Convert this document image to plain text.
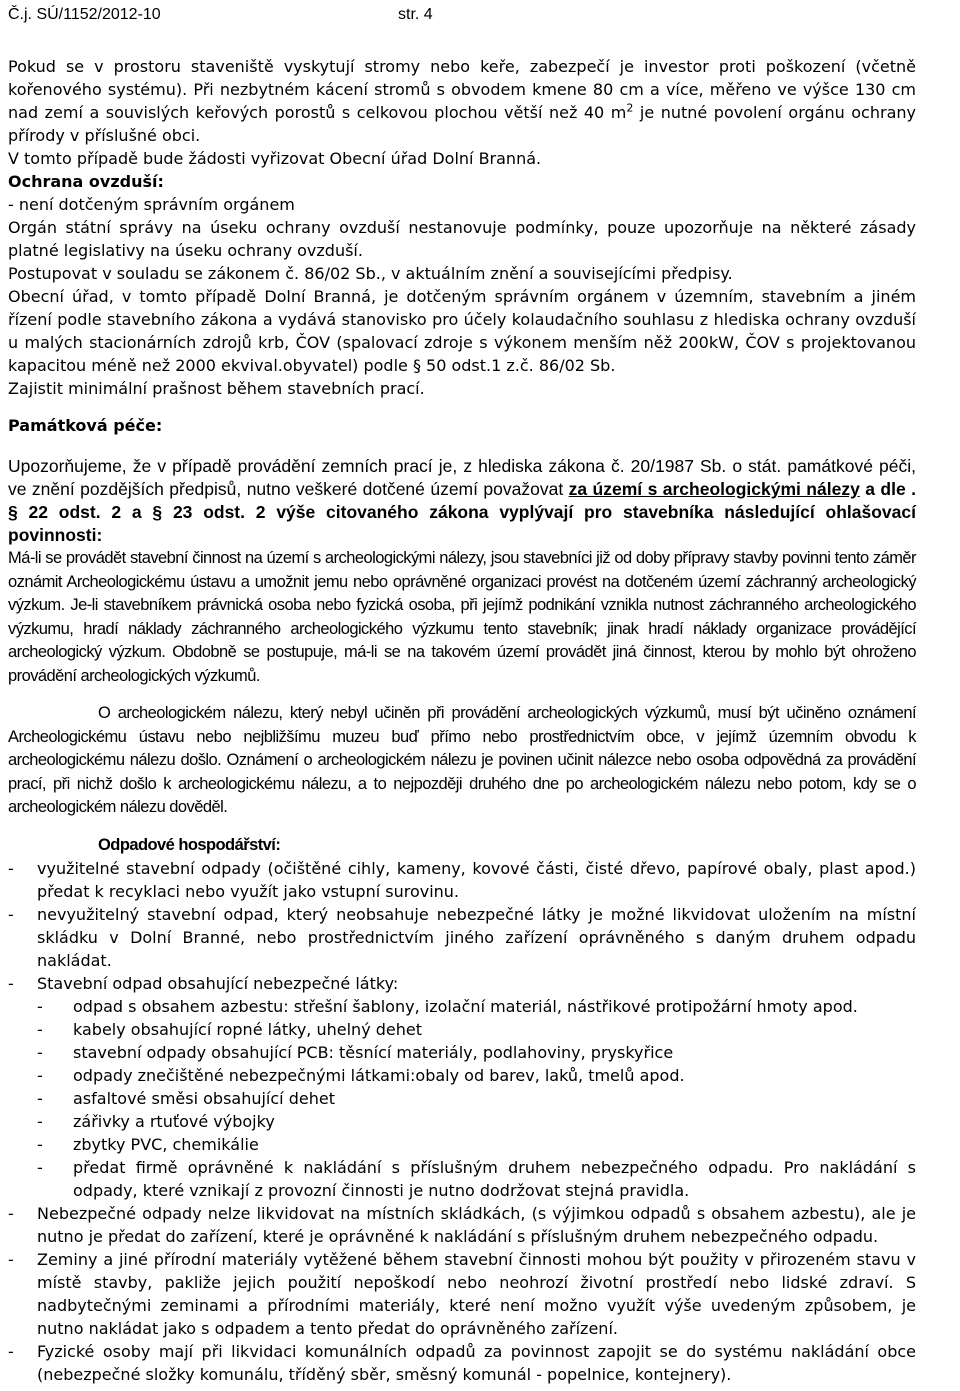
Č.j. SÚ/1152/2012-10	str. 4

Pokud se v prostoru staveniště vyskytují stromy nebo keře, zabezpečí je investor proti poškození (včetně kořenového systému). Při nezbytném kácení stromů s obvodem kmene 80 cm a více, měřeno ve výšce 130 cm nad zemí a souvislých keřových porostů s celkovou plochou větší než 40 $m^2$ je nutné povolení orgánu ochrany přírody v příslušné obci.

V tomto případě bude žádosti vyřizovat Obecní úřad Dolní Branná.

Ochrana ovzduší:

- není dotčeným správním orgánem

Orgán státní správy na úseku ochrany ovzduší nestanovuje podmínky, pouze upozorňuje na některé zásady platné legislativy na úseku ochrany ovzduší.

Postupovat v souladu se zákonem č. 86/02 Sb., v aktuálním znění a souvisejícími předpisy.

Obecní úřad, v tomto případě Dolní Branná, je dotčeným správním orgánem v územním, stavebním a jiném řízení podle stavebního zákona a vydává stanovisko pro účely kolaudačního souhlasu z hlediska ochrany ovzduší u malých stacionárních zdrojů krb, ČOV (spalovací zdroje s výkonem menším něž 200kW, ČOV s projektovanou kapacitou méně než 2000 ekvival.obyvatel) podle § 50 odst.1 z.č. 86/02 Sb.

Zajistit minimální prašnost během stavebních prací.

Památková péče:

Upozorňujeme, že v případě provádění zemních prací je, z hlediska zákona č. 20/1987 Sb. o stát. památkové péči, ve znění pozdějších předpisů, nutno veškeré dotčené území považovat za území s archeologickými nálezy a dle . § 22 odst. 2 a § 23 odst. 2 výše citovaného zákona vyplývají pro stavebníka následující ohlašovací povinnosti:

Má-li se provádět stavební činnost na území s archeologickými nálezy, jsou stavebníci již od doby přípravy stavby povinni tento záměr oznámit Archeologickému ústavu a umožnit jemu nebo oprávněné organizaci provést na dotčeném území záchranný archeologický výzkum. Je-li stavebníkem právnická osoba nebo fyzická osoba, při jejímž podnikání vznikla nutnost záchranného archeologického výzkumu, hradí náklady záchranného archeologického výzkumu tento stavebník; jinak hradí náklady organizace provádějící archeologický výzkum. Obdobně se postupuje, má-li se na takovém území provádět jiná činnost, kterou by mohlo být ohroženo provádění archeologických výzkumů.

O archeologickém nálezu, který nebyl učiněn při provádění archeologických výzkumů, musí být učiněno oznámení Archeologickému ústavu nebo nejbližšímu muzeu buď přímo nebo prostřednictvím obce, v jejímž územním obvodu k archeologickému nálezu došlo. Oznámení o archeologickém nálezu je povinen učinit nálezce nebo osoba odpovědná za provádění prací, při nichž došlo k archeologickému nálezu, a to nejpozději druhého dne po archeologickém nálezu nebo potom, kdy se o archeologickém nálezu dověděl.

Odpadové hospodářství:

- využitelné stavební odpady (očištěné cihly, kameny, kovové části, čisté dřevo, papírové obaly, plast apod.) předat k recyklaci nebo využít jako vstupní surovinu.
- nevyužitelný stavební odpad, který neobsahuje nebezpečné látky je možné likvidovat uložením na místní skládku v Dolní Branné, nebo prostřednictvím jiného zařízení oprávněného s daným druhem odpadu nakládat.
- Stavební odpad obsahující nebezpečné látky:
- odpad s obsahem azbestu: střešní šablony, izolační materiál, nástřikové protipožární hmoty apod.
- kabely obsahující ropné látky, uhelný dehet
- stavební odpady obsahující PCB: těsnící materiály, podlahoviny, pryskyřice
- odpady znečištěné nebezpečnými látkami:obaly od barev, laků, tmelů apod.
- asfaltové směsi obsahující dehet
- zářivky a rtuťové výbojky
- zbytky PVC, chemikálie
- předat firmě oprávněné k nakládání s příslušným druhem nebezpečného odpadu. Pro nakládání s odpady, které vznikají z provozní činnosti je nutno dodržovat stejná pravidla.
- Nebezpečné odpady nelze likvidovat na místních skládkách, (s výjimkou odpadů s obsahem azbestu), ale je nutno je předat do zařízení, které je oprávněné k nakládání s příslušným druhem nebezpečného odpadu.
- Zeminy a jiné přírodní materiály vytěžené během stavební činnosti mohou být použity v přirozeném stavu v místě stavby, pakliže jejich použití nepoškodí nebo neohrozí životní prostředí nebo lidské zdraví. S nadbytečnými zeminami a přírodními materiály, které není možno využít výše uvedeným způsobem, je nutno nakládat jako s odpadem a tento předat do oprávněného zařízení.
- Fyzické osoby mají při likvidaci komunálních odpadů za povinnost zapojit se do systému nakládání obce (nebezpečné složky komunálu, tříděný sběr, směsný komunál - popelnice, kontejnery).
